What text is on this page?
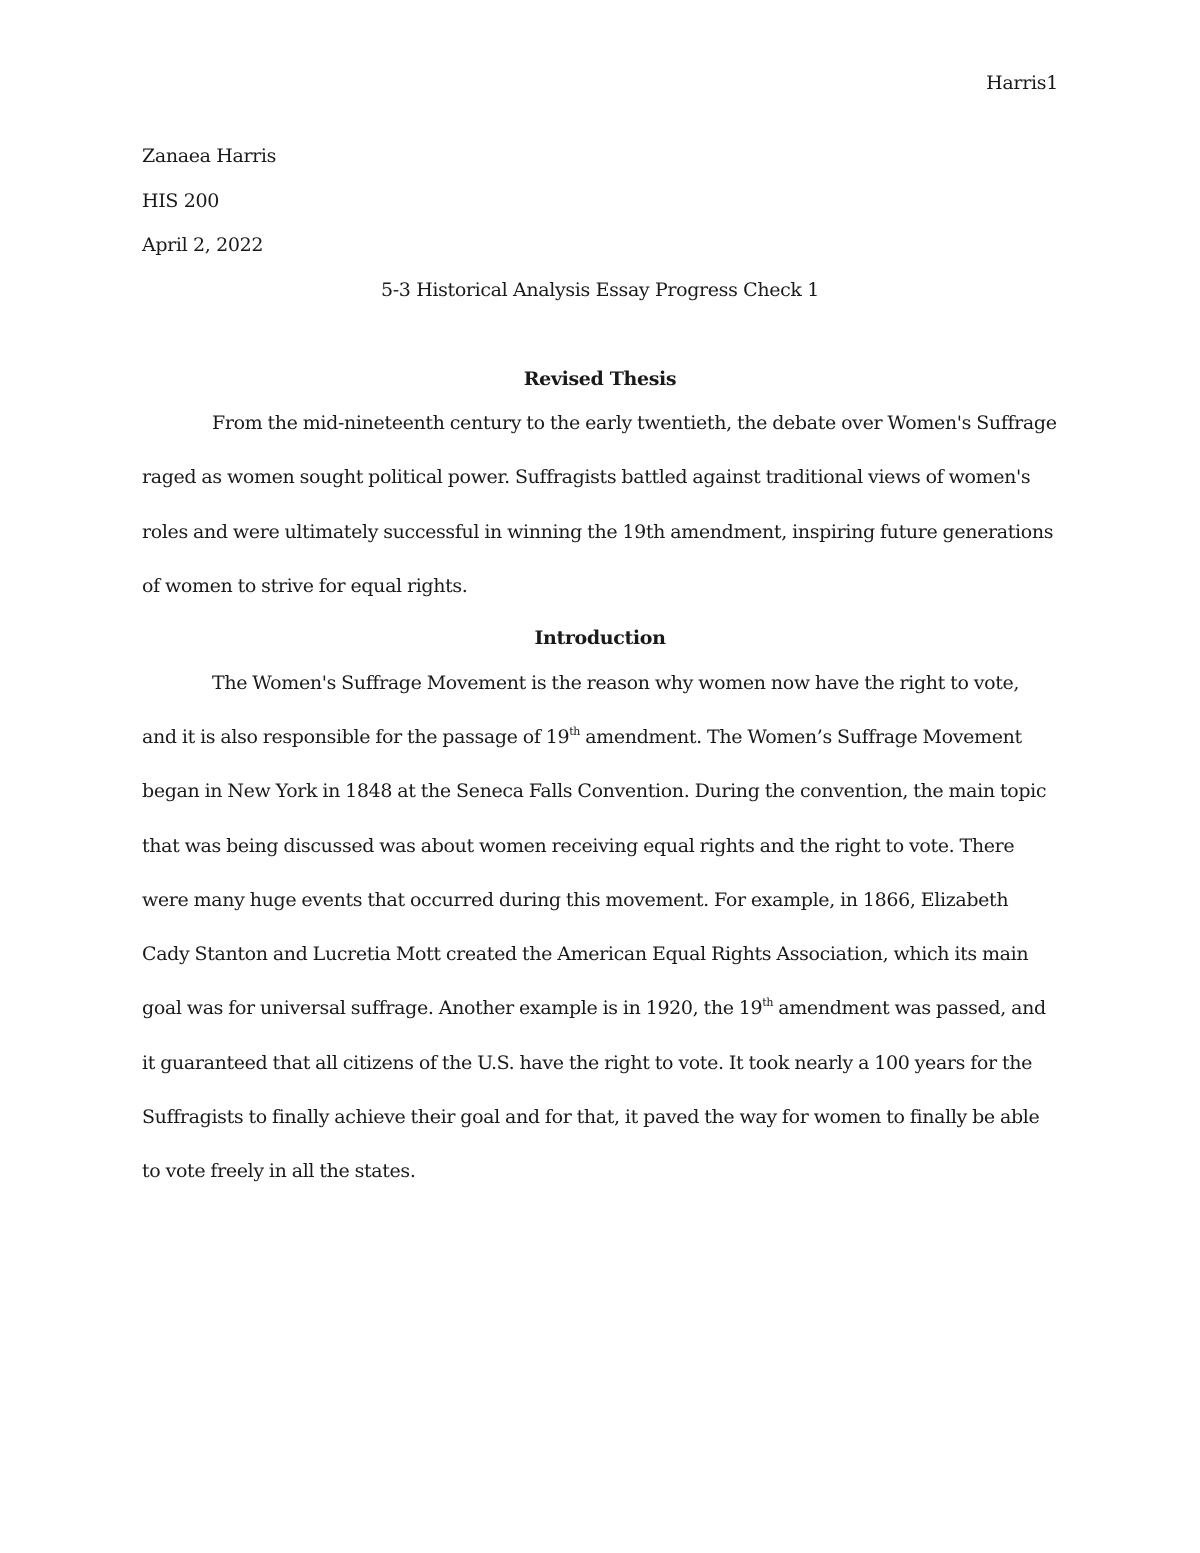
Harris1
Zanaea Harris
HIS 200
April 2, 2022
5-3 Historical Analysis Essay Progress Check 1
Revised Thesis

From the mid-nineteenth century to the early twentieth, the debate over Women's Suffrage raged as women sought political power. Suffragists battled against traditional views of women's roles and were ultimately successful in winning the 19th amendment, inspiring future generations of women to strive for equal rights.

Introduction

The Women's Suffrage Movement is the reason why women now have the right to vote, and it is also responsible for the passage of 19th amendment. The Women’s Suffrage Movement began in New York in 1848 at the Seneca Falls Convention. During the convention, the main topic that was being discussed was about women receiving equal rights and the right to vote. There were many huge events that occurred during this movement. For example, in 1866, Elizabeth Cady Stanton and Lucretia Mott created the American Equal Rights Association, which its main goal was for universal suffrage. Another example is in 1920, the 19th amendment was passed, and it guaranteed that all citizens of the U.S. have the right to vote. It took nearly a 100 years for the Suffragists to finally achieve their goal and for that, it paved the way for women to finally be able to vote freely in all the states.
